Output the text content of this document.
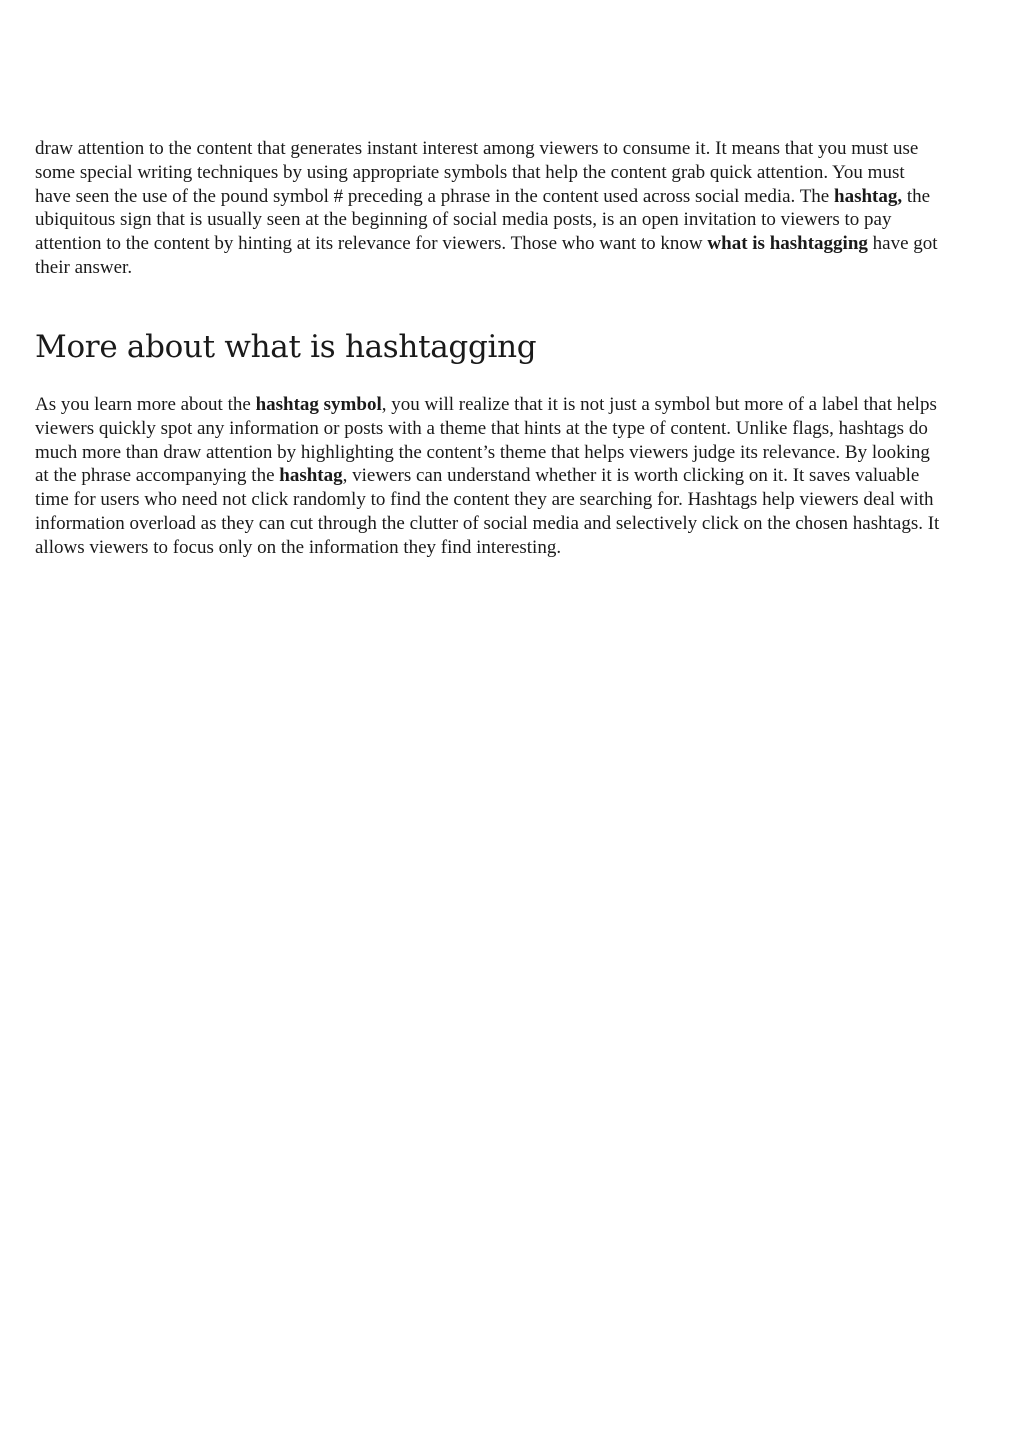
draw attention to the content that generates instant interest among viewers to consume it. It means that you must use some special writing techniques by using appropriate symbols that help the content grab quick attention. You must have seen the use of the pound symbol # preceding a phrase in the content used across social media. The hashtag, the ubiquitous sign that is usually seen at the beginning of social media posts, is an open invitation to viewers to pay attention to the content by hinting at its relevance for viewers. Those who want to know what is hashtagging have got their answer.

More about what is hashtagging

As you learn more about the hashtag symbol, you will realize that it is not just a symbol but more of a label that helps viewers quickly spot any information or posts with a theme that hints at the type of content. Unlike flags, hashtags do much more than draw attention by highlighting the content’s theme that helps viewers judge its relevance. By looking at the phrase accompanying the hashtag, viewers can understand whether it is worth clicking on it. It saves valuable time for users who need not click randomly to find the content they are searching for. Hashtags help viewers deal with information overload as they can cut through the clutter of social media and selectively click on the chosen hashtags. It allows viewers to focus only on the information they find interesting.
